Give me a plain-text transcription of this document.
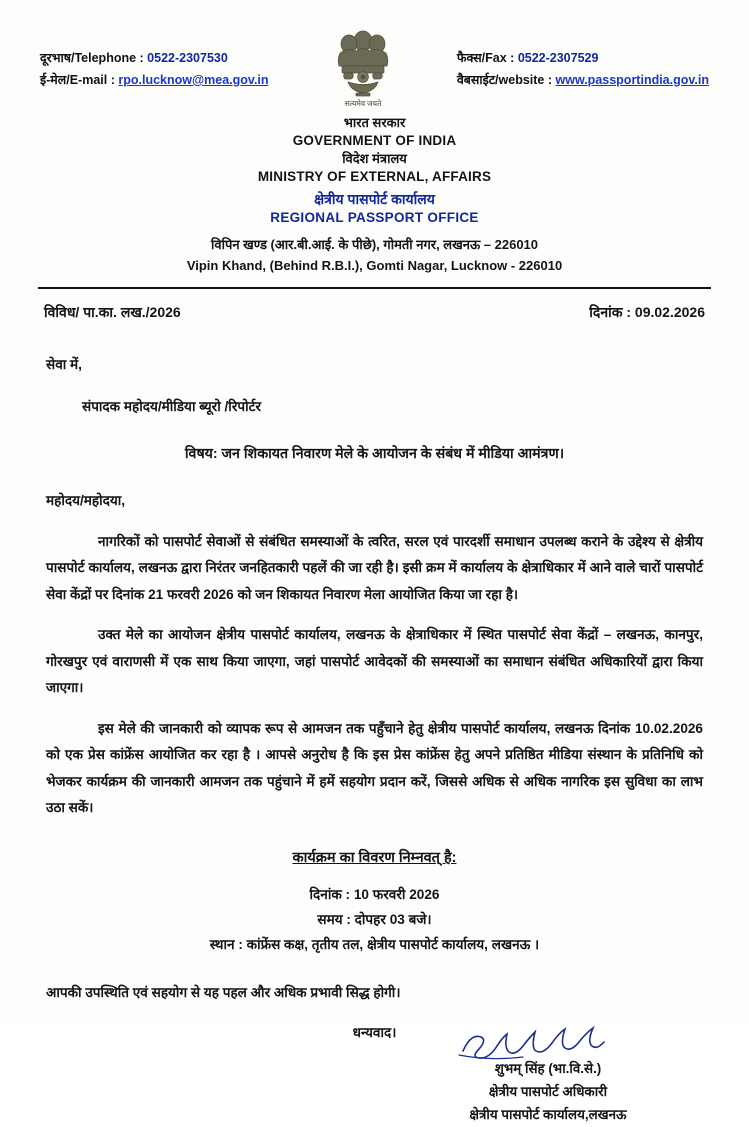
दूरभाष/Telephone : 0522-2307530
ई-मेल/E-mail : rpo.lucknow@mea.gov.in
सत्यमेव जयते
फैक्स/Fax : 0522-2307529
वैबसाईट/website : www.passportindia.gov.in
भारत सरकार
GOVERNMENT OF INDIA
विदेश मंत्रालय
MINISTRY OF EXTERNAL, AFFAIRS
क्षेत्रीय पासपोर्ट कार्यालय
REGIONAL PASSPORT OFFICE
विपिन खण्ड (आर.बी.आई. के पीछे), गोमती नगर, लखनऊ – 226010
Vipin Khand, (Behind R.B.I.), Gomti Nagar, Lucknow - 226010
विविध/ पा.का. लख./2026	दिनांक : 09.02.2026
सेवा में,
संपादक महोदय/मीडिया ब्यूरो /रिपोर्टर
विषय: जन शिकायत निवारण मेले के आयोजन के संबंध में मीडिया आमंत्रण।
महोदय/महोदया,

नागरिकों को पासपोर्ट सेवाओं से संबंधित समस्याओं के त्वरित, सरल एवं पारदर्शी समाधान उपलब्ध कराने के उद्देश्य से क्षेत्रीय पासपोर्ट कार्यालय, लखनऊ द्वारा निरंतर जनहितकारी पहलें की जा रही है। इसी क्रम में कार्यालय के क्षेत्राधिकार में आने वाले चारों पासपोर्ट सेवा केंद्रों पर दिनांक 21 फरवरी 2026 को जन शिकायत निवारण मेला आयोजित किया जा रहा है।

उक्त मेले का आयोजन क्षेत्रीय पासपोर्ट कार्यालय, लखनऊ के क्षेत्राधिकार में स्थित पासपोर्ट सेवा केंद्रों – लखनऊ, कानपुर, गोरखपुर एवं वाराणसी में एक साथ किया जाएगा, जहां पासपोर्ट आवेदकों की समस्याओं का समाधान संबंधित अधिकारियों द्वारा किया जाएगा।

इस मेले की जानकारी को व्यापक रूप से आमजन तक पहुँचाने हेतु क्षेत्रीय पासपोर्ट कार्यालय, लखनऊ दिनांक 10.02.2026 को एक प्रेस कांफ्रेंस आयोजित कर रहा है । आपसे अनुरोध है कि इस प्रेस कांफ्रेंस हेतु अपने प्रतिष्ठित मीडिया संस्थान के प्रतिनिधि को भेजकर कार्यक्रम की जानकारी आमजन तक पहुंचाने में हमें सहयोग प्रदान करें, जिससे अधिक से अधिक नागरिक इस सुविधा का लाभ उठा सकें।

कार्यक्रम का विवरण निम्नवत् है:
दिनांक : 10 फरवरी 2026
समय : दोपहर 03 बजे।
स्थान : कांफ्रेंस कक्ष, तृतीय तल, क्षेत्रीय पासपोर्ट कार्यालय, लखनऊ ।
आपकी उपस्थिति एवं सहयोग से यह पहल और अधिक प्रभावी सिद्ध होगी।
धन्यवाद।
शुभम् सिंह (भा.वि.से.)
क्षेत्रीय पासपोर्ट अधिकारी
क्षेत्रीय पासपोर्ट कार्यालय,लखनऊ
